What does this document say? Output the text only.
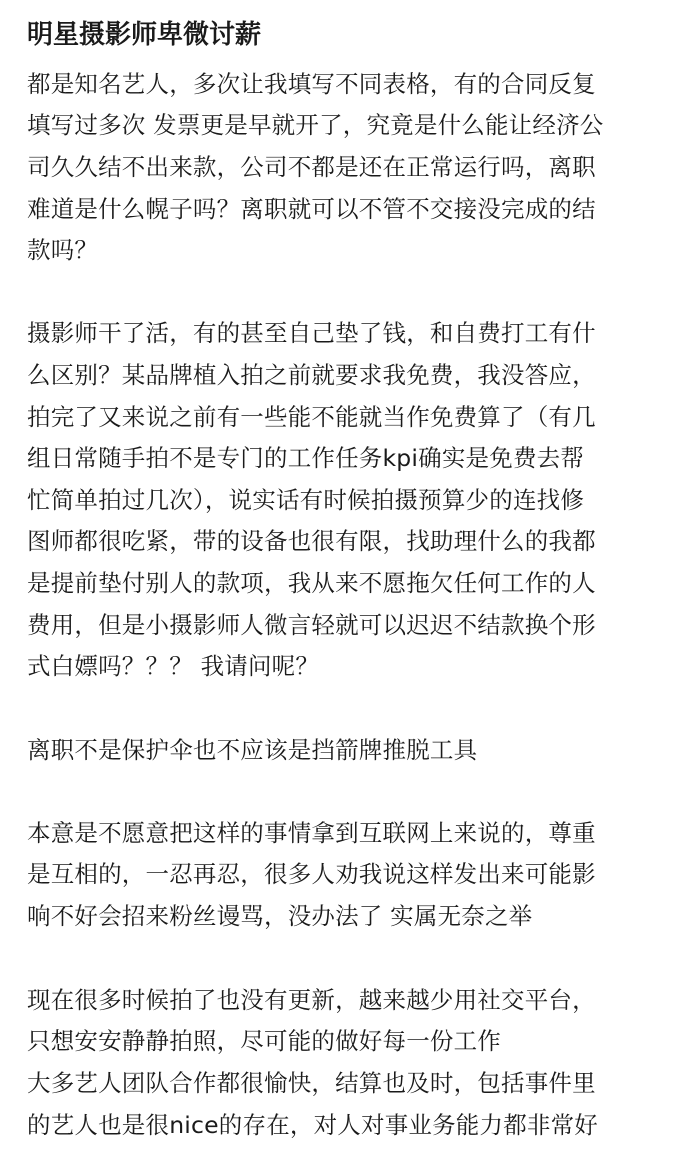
明星摄影师卑微讨薪
都是知名艺人，多次让我填写不同表格，有的合同反复
填写过多次 发票更是早就开了，究竟是什么能让经济公
司久久结不出来款，公司不都是还在正常运行吗，离职
难道是什么幌子吗？离职就可以不管不交接没完成的结
款吗？
摄影师干了活，有的甚至自己垫了钱，和自费打工有什
么区别？某品牌植入拍之前就要求我免费，我没答应，
拍完了又来说之前有一些能不能就当作免费算了（有几
组日常随手拍不是专门的工作任务kpi确实是免费去帮
忙简单拍过几次），说实话有时候拍摄预算少的连找修
图师都很吃紧，带的设备也很有限，找助理什么的我都
是提前垫付别人的款项，我从来不愿拖欠任何工作的人
费用，但是小摄影师人微言轻就可以迟迟不结款换个形
式白嫖吗？？？ 我请问呢？
离职不是保护伞也不应该是挡箭牌推脱工具
本意是不愿意把这样的事情拿到互联网上来说的，尊重
是互相的，一忍再忍，很多人劝我说这样发出来可能影
响不好会招来粉丝谩骂，没办法了 实属无奈之举
现在很多时候拍了也没有更新，越来越少用社交平台，
只想安安静静拍照，尽可能的做好每一份工作
大多艺人团队合作都很愉快，结算也及时，包括事件里
的艺人也是很nice的存在，对人对事业务能力都非常好
